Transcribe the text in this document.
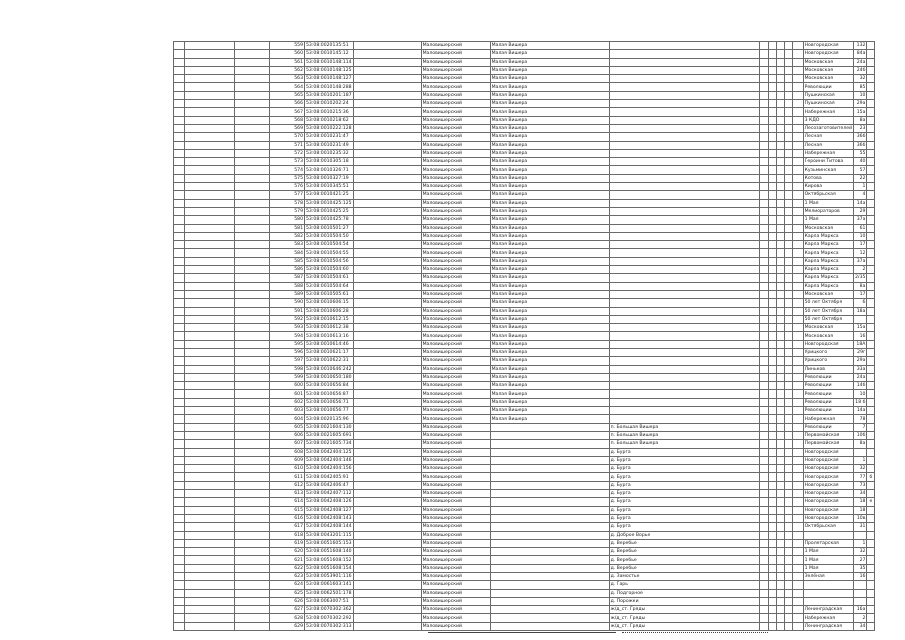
			559	53:08:0020135:51		Маловишерский	Малая Вишера							Новгородская	132	
			560	53:08:0010145:12		Маловишерский	Малая Вишера							Новгородская	84а	
			561	53:08:0010148:114		Маловишерский	Малая Вишера							Московская	24а	
			562	53:08:0010148:125		Маловишерский	Малая Вишера							Московская	24б	
			563	53:08:0010148:127		Маловишерский	Малая Вишера							Московская	32	
			564	53:08:0010148:288		Маловишерский	Малая Вишера							Революции	85	
			565	53:08:0010201:187		Маловишерский	Малая Вишера							Пушкинская	10	
			566	53:08:0010202:24		Маловишерский	Малая Вишера							Пушкинская	29а	
			567	53:08:0010215:36		Маловишерский	Малая Вишера							Набережная	15а	
			568	53:08:0010218:62		Маловишерский	Малая Вишера							3 КДО	8а	
			569	53:08:0010222:128		Маловишерский	Малая Вишера							Лесозаготовителей	23	
			570	53:08:0010231:47		Маловишерский	Малая Вишера							Лесная	36б	
			571	53:08:0010231:49		Маловишерский	Малая Вишера							Лесная	36б	
			572	53:08:0010235:32		Маловишерский	Малая Вишера							Набережная	55	
			573	53:08:0010305:18		Маловишерский	Малая Вишера							Героини Титова	40	
			574	53:08:0010326:71		Маловишерский	Малая Вишера							Кузьминская	57	
			575	53:08:0010327:19		Маловишерский	Малая Вишера							Котова	22	
			576	53:08:0010345:51		Маловишерский	Малая Вишера							Кирова	1	
			577	53:08:0010421:25		Маловишерский	Малая Вишера							Октябрьская	4	
			578	53:08:0010425:125		Маловишерский	Малая Вишера							1 Мая	14а	
			579	53:08:0010425:25		Маловишерский	Малая Вишера							Мелиораторов	29	
			580	53:08:0010425:78		Маловишерский	Малая Вишера							1 Мая	37а	
			581	53:08:0010501:27		Маловишерский	Малая Вишера							Московская	61	
			582	53:08:0010504:50		Маловишерский	Малая Вишера							Карла Маркса	10	
			583	53:08:0010504:54		Маловишерский	Малая Вишера							Карла Маркса	17	
			584	53:08:0010504:55		Маловишерский	Малая Вишера							Карла Маркса	12	
			585	53:08:0010504:56		Маловишерский	Малая Вишера							Карла Маркса	37а	
			586	53:08:0010504:60		Маловишерский	Малая Вишера							Карла Маркса	2	
			587	53:08:0010504:61		Маловишерский	Малая Вишера							Карла Маркса	2/35	
			588	53:08:0010504:64		Маловишерский	Малая Вишера							Карла Маркса	8а	
			589	53:08:0010505:61		Маловишерский	Малая Вишера							Московская	17	
			590	53:08:0010606:15		Маловишерский	Малая Вишера							50 лет Октября	6	
			591	53:08:0010606:28		Маловишерский	Малая Вишера							50 лет Октября	18а	
			592	53:08:0010612:15		Маловишерский	Малая Вишера							50 лет Октября		
			593	53:08:0010612:38		Маловишерский	Малая Вишера							Московская	15а	
			594	53:08:0010613:16		Маловишерский	Малая Вишера							Московская	16	
			595	53:08:0010614:46		Маловишерский	Малая Вишера							Новгородская	18А	
			596	53:08:0010621:17		Маловишерский	Малая Вишера							Урицкого	29г	
			597	53:08:0010622:31		Маловишерский	Малая Вишера							Урицкого	29а	
			598	53:08:0010646:242		Маловишерский	Малая Вишера							Линьков	33а	
			599	53:08:0010650:180		Маловишерский	Малая Вишера							Революции	24а	
			600	53:08:0010656:84		Маловишерский	Малая Вишера							Революции	14б	
			601	53:08:0010656:87		Маловишерский	Малая Вишера							Революции	10	
			602	53:08:0010656:71		Маловишерский	Малая Вишера							Революции	18 б	
			603	53:08:0010656:77		Маловишерский	Малая Вишера							Революции	14а	
			604	53:08:0020135:96		Маловишерский	Малая Вишера							Набережная	78	
			605	53:08:0021604:130		Маловишерский		п. Большая Вишера						Революции	7	
			606	53:08:0021605:691		Маловишерский		п. Большая Вишера						Первомайская	10б	
			607	53:08:0021605:734		Маловишерский		п. Большая Вишера						Первомайская	8а	
			608	53:08:0042404:125		Маловишерский		д. Бурга						Новгородская		
			609	53:08:0042404:146		Маловишерский		д. Бурга						Новгородская	1	
			610	53:08:0042404:156		Маловишерский		д. Бурга						Новгородская	32	
			611	53:08:0042405:91		Маловишерский		д. Бурга						Новгородская	77	б
			612	53:08:0042406:47		Маловишерский		д. Бурга						Новгородская	73	
			613	53:08:0042407:112		Маловишерский		д. Бурга						Новгородская	34	
			614	53:08:0042408:126		Маловишерский		д. Бурга						Новгородская	18	е
			615	53:08:0042408:127		Маловишерский		д. Бурга						Новгородская	18	
			616	53:08:0042408:143		Маловишерский		д. Бурга						Новгородская	10в	
			617	53:08:0042408:144		Маловишерский		д. Бурга						Октябрьская	31	
			618	53:08:0043201:115		Маловишерский		д. Доброе Ворье								
			619	53:08:0051605:153		Маловишерский		д. Веребье						Пролетарская	1	
			620	53:08:0051608:140		Маловишерский		д. Веребье						1 Мая	32	
			621	53:08:0051608:152		Маловишерский		д. Веребье						1 Мая	27	
			622	53:08:0051608:154		Маловишерский		д. Веребье						1 Мая	35	
			623	53:08:0053901:116		Маловишерский		д. Замостье						Зелёная	16	
			624	53:08:0061603:141		Маловишерский		д. Гарь								
			625	53:08:0062501:178		Маловишерский		д. Подгорное								
			626	53:08:0063007:51		Маловишерский		д. Порожки								
			627	53:08:0070302:362		Маловишерский		ж/д_ст. Гряды						Ленинградская	16а	
			628	53:08:0070302:292		Маловишерский		ж/д_ст. Гряды						Набережная	2	
			629	53:08:0070302:313		Маловишерский		ж/д_ст. Гряды						Ленинградская	34	
